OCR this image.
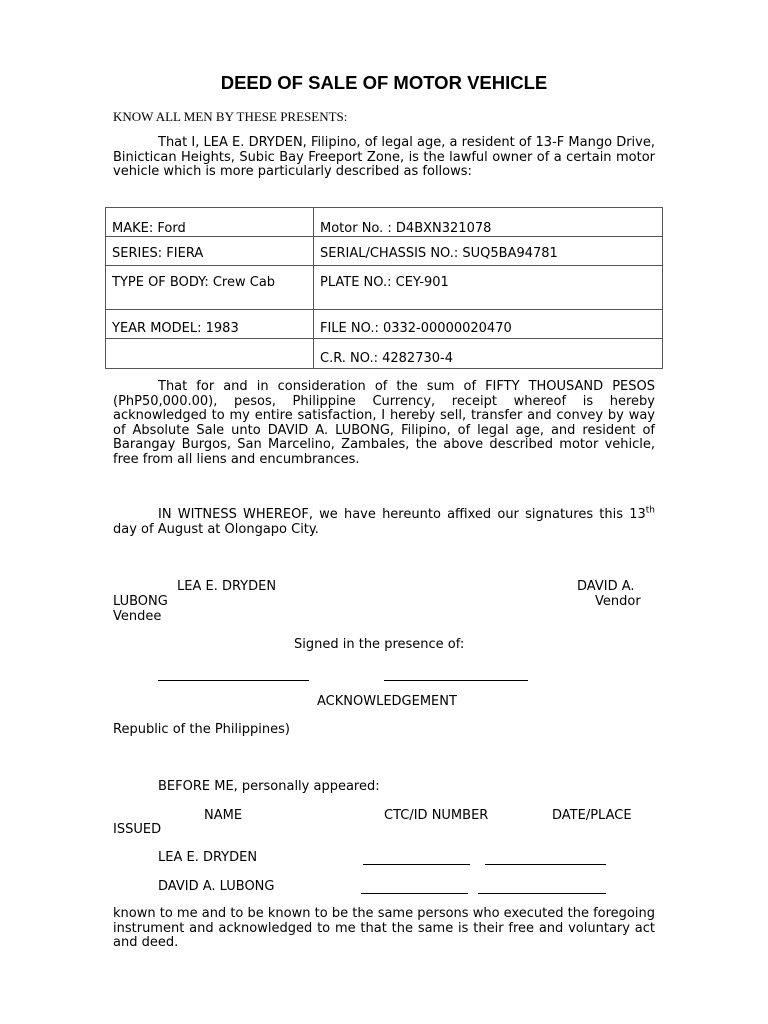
DEED OF SALE OF MOTOR VEHICLE
KNOW ALL MEN BY THESE PRESENTS:
That I, LEA E. DRYDEN, Filipino, of legal age, a resident of 13-F Mango Drive, Binictican Heights, Subic Bay Freeport Zone, is the lawful owner of a certain motor vehicle which is more particularly described as follows:
MAKE: Ford	Motor No. : D4BXN321078
SERIES: FIERA	SERIAL/CHASSIS NO.: SUQ5BA94781
TYPE OF BODY: Crew Cab	PLATE NO.: CEY-901
YEAR MODEL: 1983	FILE NO.: 0332-00000020470
	C.R. NO.: 4282730-4
That for and in consideration of the sum of FIFTY THOUSAND PESOS (PhP50,000.00), pesos, Philippine Currency, receipt whereof is hereby acknowledged to my entire satisfaction, I hereby sell, transfer and convey by way of Absolute Sale unto DAVID A. LUBONG, Filipino, of legal age, and resident of Barangay Burgos, San Marcelino, Zambales, the above described motor vehicle, free from all liens and encumbrances.
IN WITNESS WHEREOF, we have hereunto affixed our signatures this 13th day of August at Olongapo City.
LEA E. DRYDEN	DAVID A.
LUBONG	Vendor
Vendee
Signed in the presence of:
ACKNOWLEDGEMENT
Republic of the Philippines)
BEFORE ME, personally appeared:
NAME	CTC/ID NUMBER	DATE/PLACE
ISSUED
LEA E. DRYDEN
DAVID A. LUBONG
known to me and to be known to be the same persons who executed the foregoing instrument and acknowledged to me that the same is their free and voluntary act and deed.
